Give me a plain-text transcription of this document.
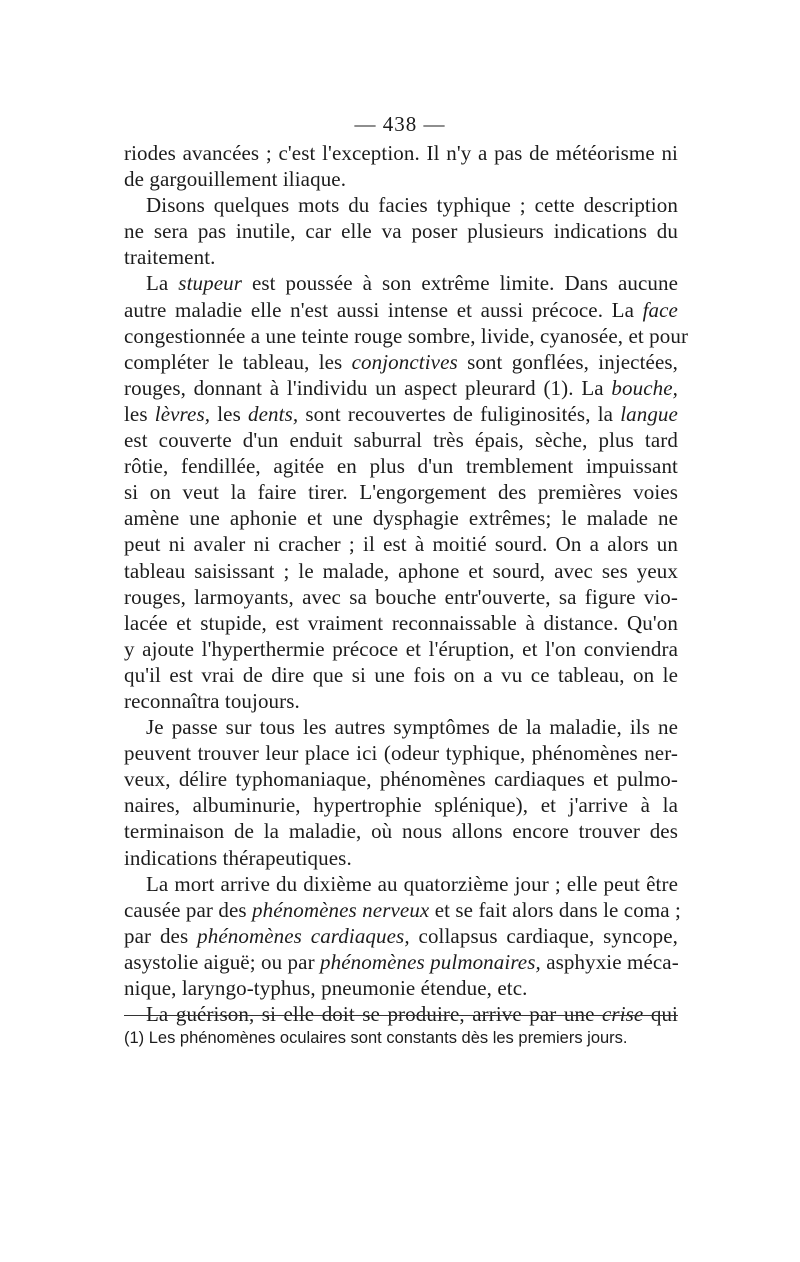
— 438 —
riodes avancées ; c'est l'exception. Il n'y a pas de météorisme ni
de gargouillement iliaque.
Disons quelques mots du facies typhique ; cette description
ne sera pas inutile, car elle va poser plusieurs indications du
traitement.
La stupeur est poussée à son extrême limite. Dans aucune
autre maladie elle n'est aussi intense et aussi précoce. La face
congestionnée a une teinte rouge sombre, livide, cyanosée, et pour
compléter le tableau, les conjonctives sont gonflées, injectées,
rouges, donnant à l'individu un aspect pleurard (1). La bouche,
les lèvres, les dents, sont recouvertes de fuliginosités, la langue
est couverte d'un enduit saburral très épais, sèche, plus tard
rôtie, fendillée, agitée en plus d'un tremblement impuissant
si on veut la faire tirer. L'engorgement des premières voies
amène une aphonie et une dysphagie extrêmes; le malade ne
peut ni avaler ni cracher ; il est à moitié sourd. On a alors un
tableau saisissant ; le malade, aphone et sourd, avec ses yeux
rouges, larmoyants, avec sa bouche entr'ouverte, sa figure vio-
lacée et stupide, est vraiment reconnaissable à distance. Qu'on
y ajoute l'hyperthermie précoce et l'éruption, et l'on conviendra
qu'il est vrai de dire que si une fois on a vu ce tableau, on le
reconnaîtra toujours.
Je passe sur tous les autres symptômes de la maladie, ils ne
peuvent trouver leur place ici (odeur typhique, phénomènes ner-
veux, délire typhomaniaque, phénomènes cardiaques et pulmo-
naires, albuminurie, hypertrophie splénique), et j'arrive à la
terminaison de la maladie, où nous allons encore trouver des
indications thérapeutiques.
La mort arrive du dixième au quatorzième jour ; elle peut être
causée par des phénomènes nerveux et se fait alors dans le coma ;
par des phénomènes cardiaques, collapsus cardiaque, syncope,
asystolie aiguë; ou par phénomènes pulmonaires, asphyxie méca-
nique, laryngo-typhus, pneumonie étendue, etc.
La guérison, si elle doit se produire, arrive par une crise qui
(1) Les phénomènes oculaires sont constants dès les premiers jours.
